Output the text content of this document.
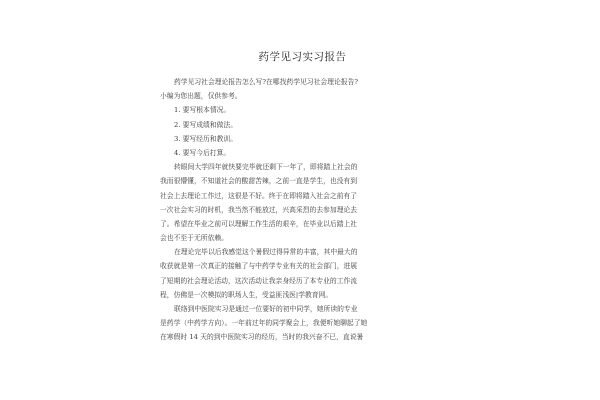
药学见习实习报告
药学见习社会理论报告怎么写?在哪找药学见习社会理论报告?
小编为您出题，仅供参考。
1. 要写根本情况。
2. 要写成绩和做法。
3. 要写经历和教训。
4. 要写今后打算。
转眼间大学四年就快要完毕就还剩下一年了，即将踏上社会的
我而很懵懂，不知道社会的酸甜苦辣，之前一直是学生，也没有到
社会上去理论工作过，这很是不好。终于在即将踏入社会之前有了
一次社会实习的时机，我当然不能放过，兴高采烈的去参加理论去
了。希望在毕业之前可以理解工作生活的艰辛，在毕业以后踏上社
会也不至于无所依赖。
在理论完毕以后我感觉这个暑假过得异常的丰富，其中最大的
收获就是第一次真正的接触了与中药学专业有关的社会部门，进展
了短期的社会理论活动，这次活动让我亲身经历了本专业的工作流
程，仿佛是一次模拟的职场人生，受益匪浅医|学教育网。
联络到中医院实习是通过一位要好的初中同学，她所读的专业
是药学（中药学方向）。一年前过年的同学聚会上，我便听她聊起了她
在寒假时 14 天的到中医院实习的经历，当时的我兴奋不已，直说暑
